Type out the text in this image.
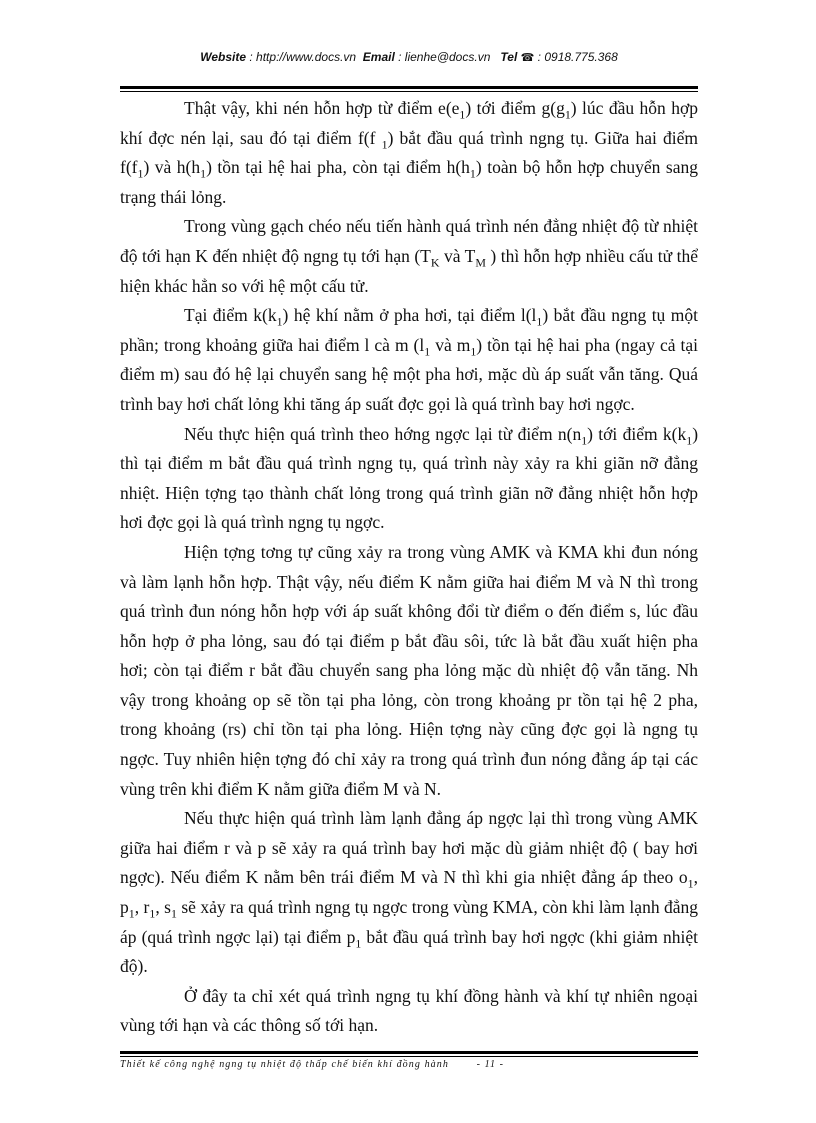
Website : http://www.docs.vn Email : lienhe@docs.vn Tel ☎ : 0918.775.368

Thật vậy, khi nén hỗn hợp từ điểm $e(e_1)$ tới điểm $g(g_1)$ lúc đầu hỗn hợp khí đợc nén lại, sau đó tại điểm f(f $_1$) bắt đầu quá trình ngng tụ. Giữa hai điểm $f(f_1)$ và $h(h_1)$ tồn tại hệ hai pha, còn tại điểm $h(h_1)$ toàn bộ hỗn hợp chuyển sang trạng thái lỏng.

Trong vùng gạch chéo nếu tiến hành quá trình nén đẳng nhiệt độ từ nhiệt độ tới hạn K đến nhiệt độ ngng tụ tới hạn ($T_K$ và $T_M$ ) thì hỗn hợp nhiều cấu tử thể hiện khác hẳn so với hệ một cấu tử.

Tại điểm $k(k_1)$ hệ khí nằm ở pha hơi, tại điểm $l(l_1)$ bắt đầu ngng tụ một phần; trong khoảng giữa hai điểm l cà m ($l_1$ và $m_1$) tồn tại hệ hai pha (ngay cả tại điểm m) sau đó hệ lại chuyển sang hệ một pha hơi, mặc dù áp suất vẫn tăng. Quá trình bay hơi chất lỏng khi tăng áp suất đợc gọi là quá trình bay hơi ngợc.

Nếu thực hiện quá trình theo hớng ngợc lại từ điểm $n(n_1)$ tới điểm $k(k_1)$ thì tại điểm m bắt đầu quá trình ngng tụ, quá trình này xảy ra khi giãn nỡ đẳng nhiệt. Hiện tợng tạo thành chất lỏng trong quá trình giãn nỡ đẳng nhiệt hỗn hợp hơi đợc gọi là quá trình ngng tụ ngợc.

Hiện tợng tơng tự cũng xảy ra trong vùng AMK và KMA khi đun nóng và làm lạnh hỗn hợp. Thật vậy, nếu điểm K nằm giữa hai điểm M và N thì trong quá trình đun nóng hỗn hợp với áp suất không đổi từ điểm o đến điểm s, lúc đầu hỗn hợp ở pha lỏng, sau đó tại điểm p bắt đầu sôi, tức là bắt đầu xuất hiện pha hơi; còn tại điểm r bắt đầu chuyển sang pha lỏng mặc dù nhiệt độ vẫn tăng. Nh vậy trong khoảng op sẽ tồn tại pha lỏng, còn trong khoảng pr tồn tại hệ 2 pha, trong khoảng (rs) chỉ tồn tại pha lỏng. Hiện tợng này cũng đợc gọi là ngng tụ ngợc. Tuy nhiên hiện tợng đó chỉ xảy ra trong quá trình đun nóng đẳng áp tại các vùng trên khi điểm K nằm giữa điểm M và N.

Nếu thực hiện quá trình làm lạnh đẳng áp ngợc lại thì trong vùng AMK giữa hai điểm r và p sẽ xảy ra quá trình bay hơi mặc dù giảm nhiệt độ ( bay hơi ngợc). Nếu điểm K nằm bên trái điểm M và N thì khi gia nhiệt đẳng áp theo $o_1$, $p_1$, $r_1$, $s_1$ sẽ xảy ra quá trình ngng tụ ngợc trong vùng KMA, còn khi làm lạnh đẳng áp (quá trình ngợc lại) tại điểm $p_1$ bắt đầu quá trình bay hơi ngợc (khi giảm nhiệt độ).

Ở đây ta chỉ xét quá trình ngng tụ khí đồng hành và khí tự nhiên ngoại vùng tới hạn và các thông số tới hạn.

Thiết kế công nghệ ngng tụ nhiệt độ thấp chế biến khí đồng hành	- 11 -
